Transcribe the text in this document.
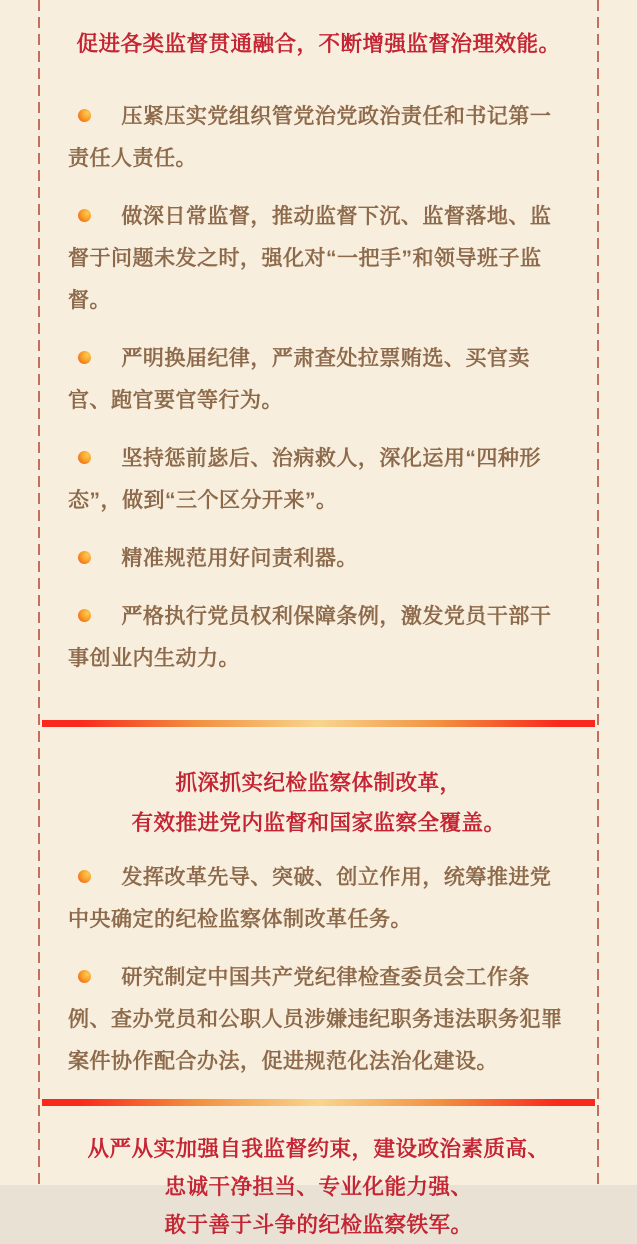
促进各类监督贯通融合，不断增强监督治理效能。

压紧压实党组织管党治党政治责任和书记第一责任人责任。

做深日常监督，推动监督下沉、监督落地、监督于问题未发之时，强化对“一把手”和领导班子监督。

严明换届纪律，严肃查处拉票贿选、买官卖官、跑官要官等行为。

坚持惩前毖后、治病救人，深化运用“四种形态”，做到“三个区分开来”。

精准规范用好问责利器。

严格执行党员权利保障条例，激发党员干部干事创业内生动力。

抓深抓实纪检监察体制改革，
有效推进党内监督和国家监察全覆盖。

发挥改革先导、突破、创立作用，统筹推进党中央确定的纪检监察体制改革任务。

研究制定中国共产党纪律检查委员会工作条例、查办党员和公职人员涉嫌违纪职务违法职务犯罪案件协作配合办法，促进规范化法治化建设。

从严从实加强自我监督约束，建设政治素质高、
忠诚干净担当、专业化能力强、
敢于善于斗争的纪检监察铁军。
